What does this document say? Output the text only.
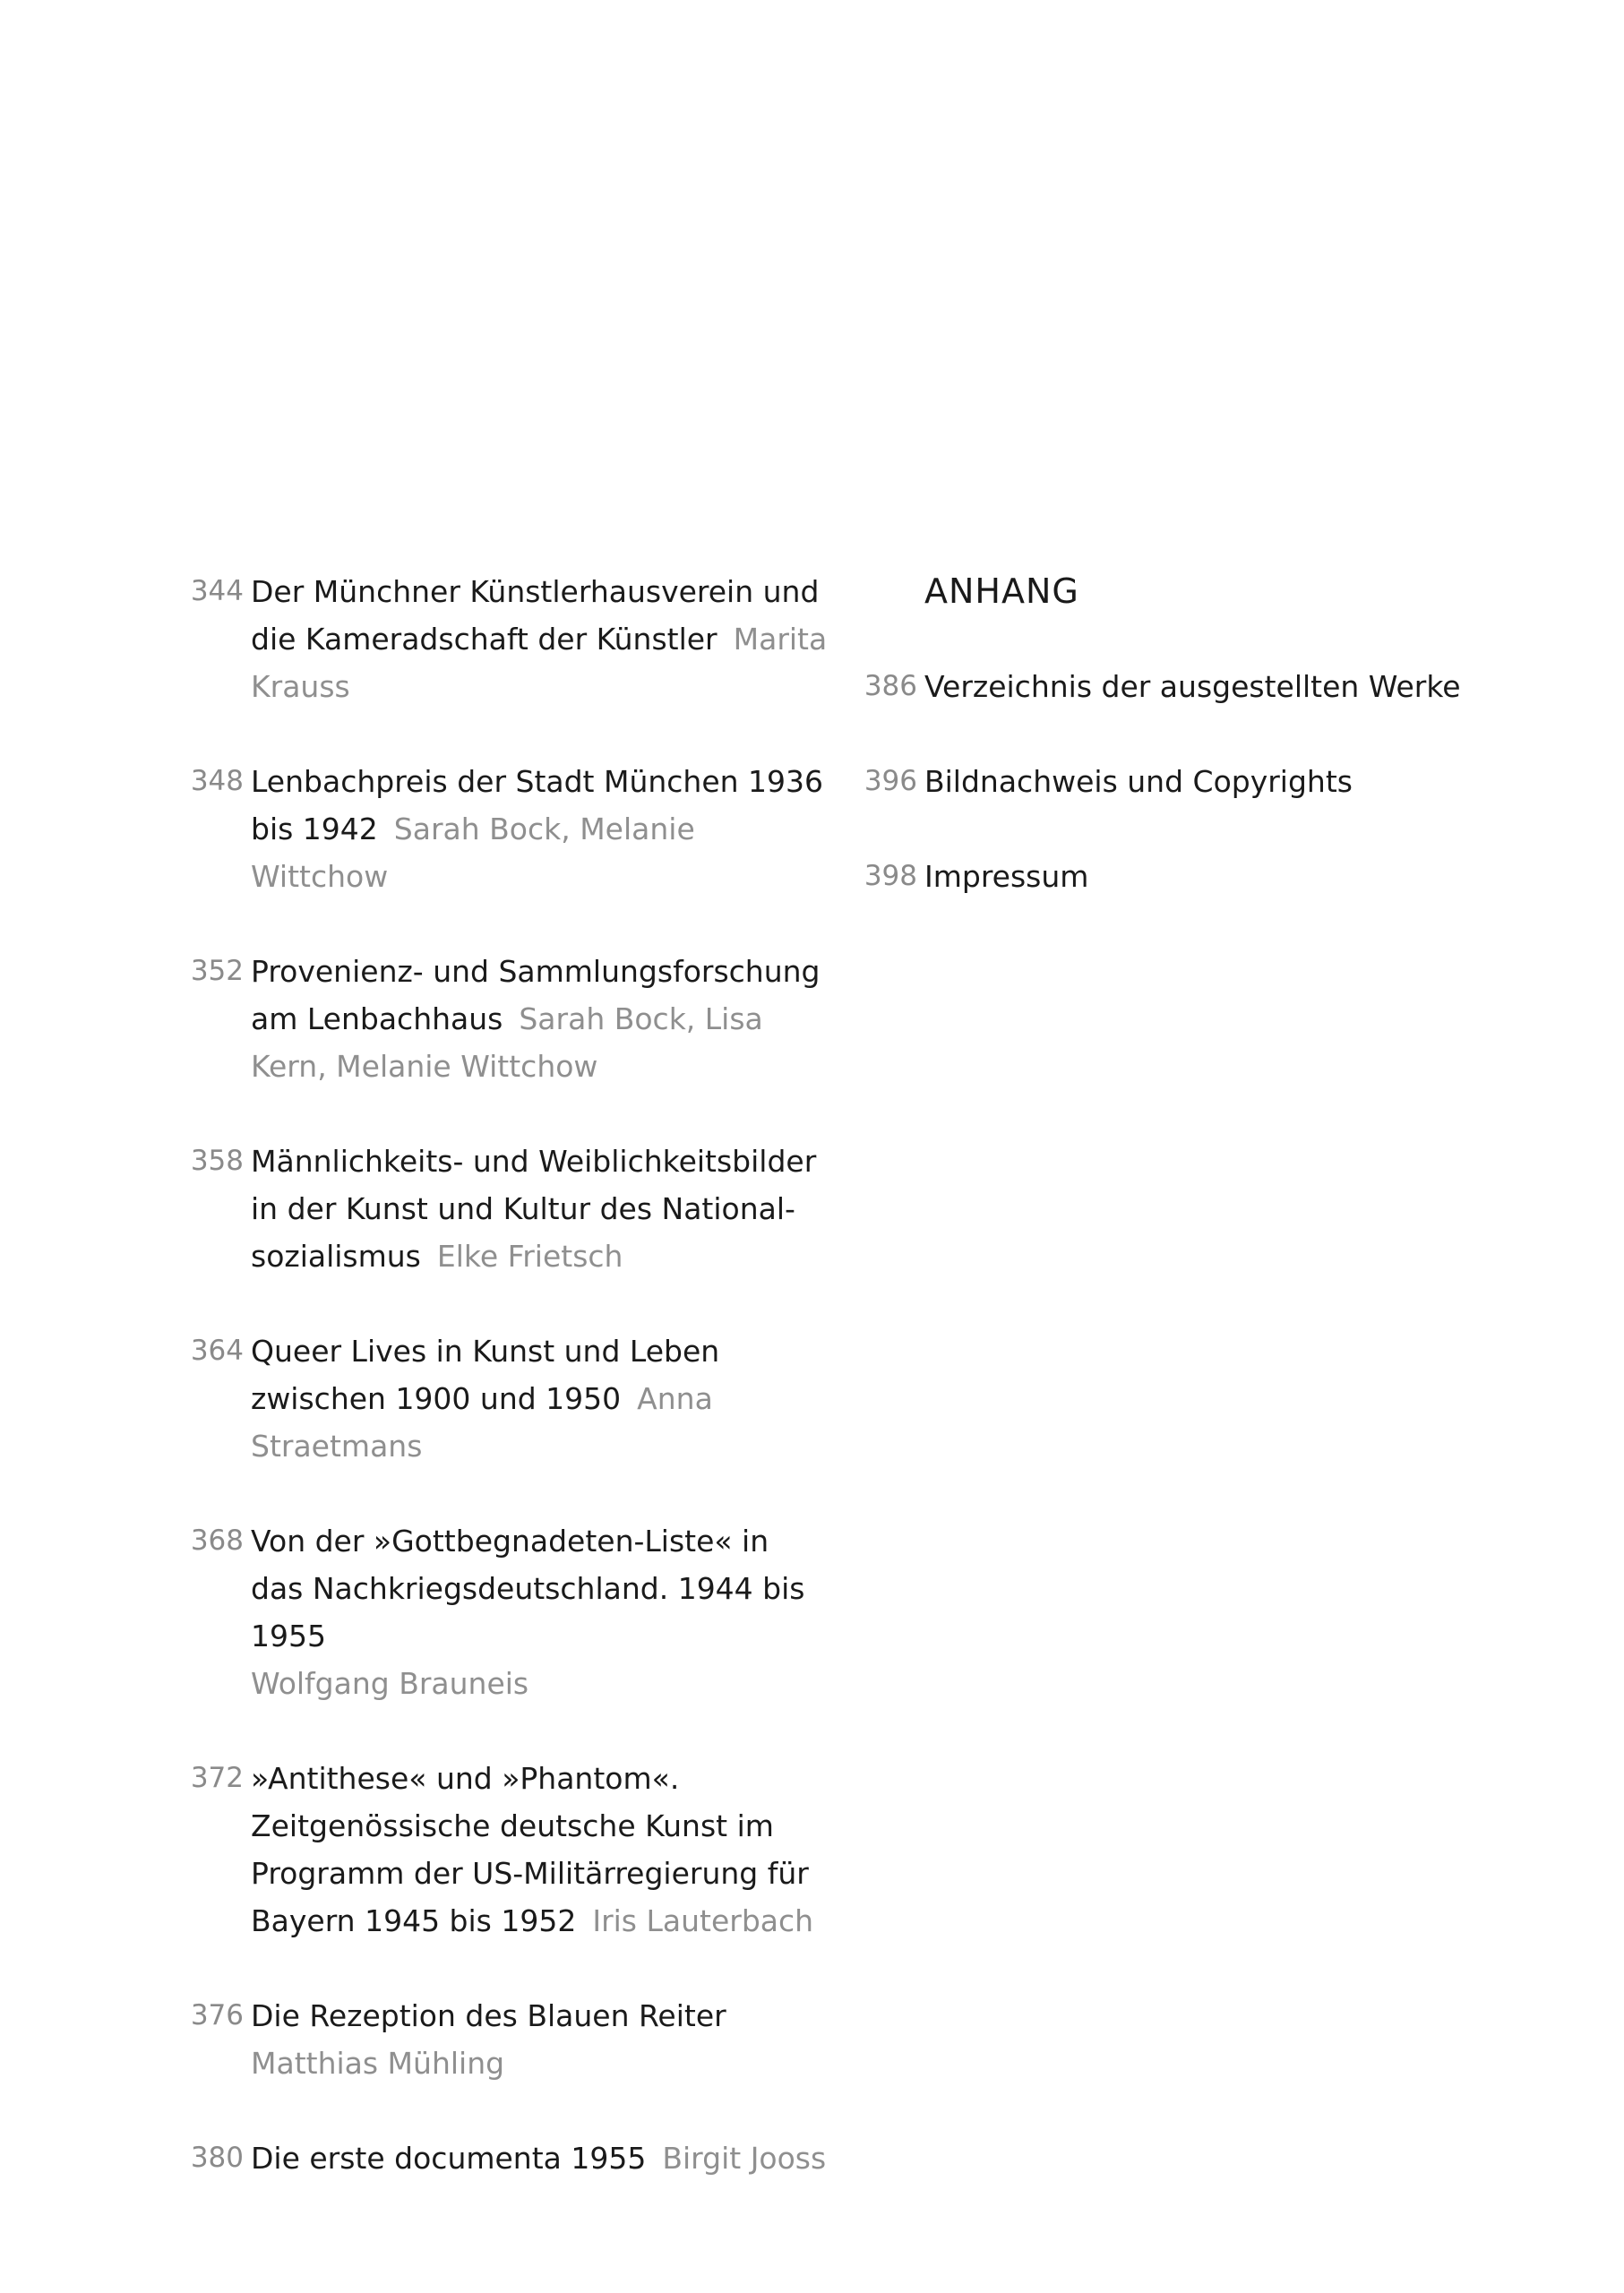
344 Der Münchner Künstlerhausverein und die Kameradschaft der Künstler Marita Krauss
348 Lenbachpreis der Stadt München 1936 bis 1942 Sarah Bock, Melanie Wittchow
352 Provenienz- und Sammlungsforschung am Lenbachhaus Sarah Bock, Lisa Kern, Melanie Wittchow
358 Männlichkeits- und Weiblichkeitsbilder in der Kunst und Kultur des Nationalsozialismus Elke Frietsch
364 Queer Lives in Kunst und Leben zwischen 1900 und 1950 Anna Straetmans
368 Von der »Gottbegnadeten-Liste« in das Nachkriegsdeutschland. 1944 bis 1955
Wolfgang Brauneis
372 »Antithese« und »Phantom«. Zeitgenössische deutsche Kunst im Programm der US-Militärregierung für Bayern 1945 bis 1952 Iris Lauterbach
376 Die Rezeption des Blauen Reiter
Matthias Mühling
380 Die erste documenta 1955 Birgit Jooss
ANHANG
386 Verzeichnis der ausgestellten Werke
396 Bildnachweis und Copyrights
398 Impressum
